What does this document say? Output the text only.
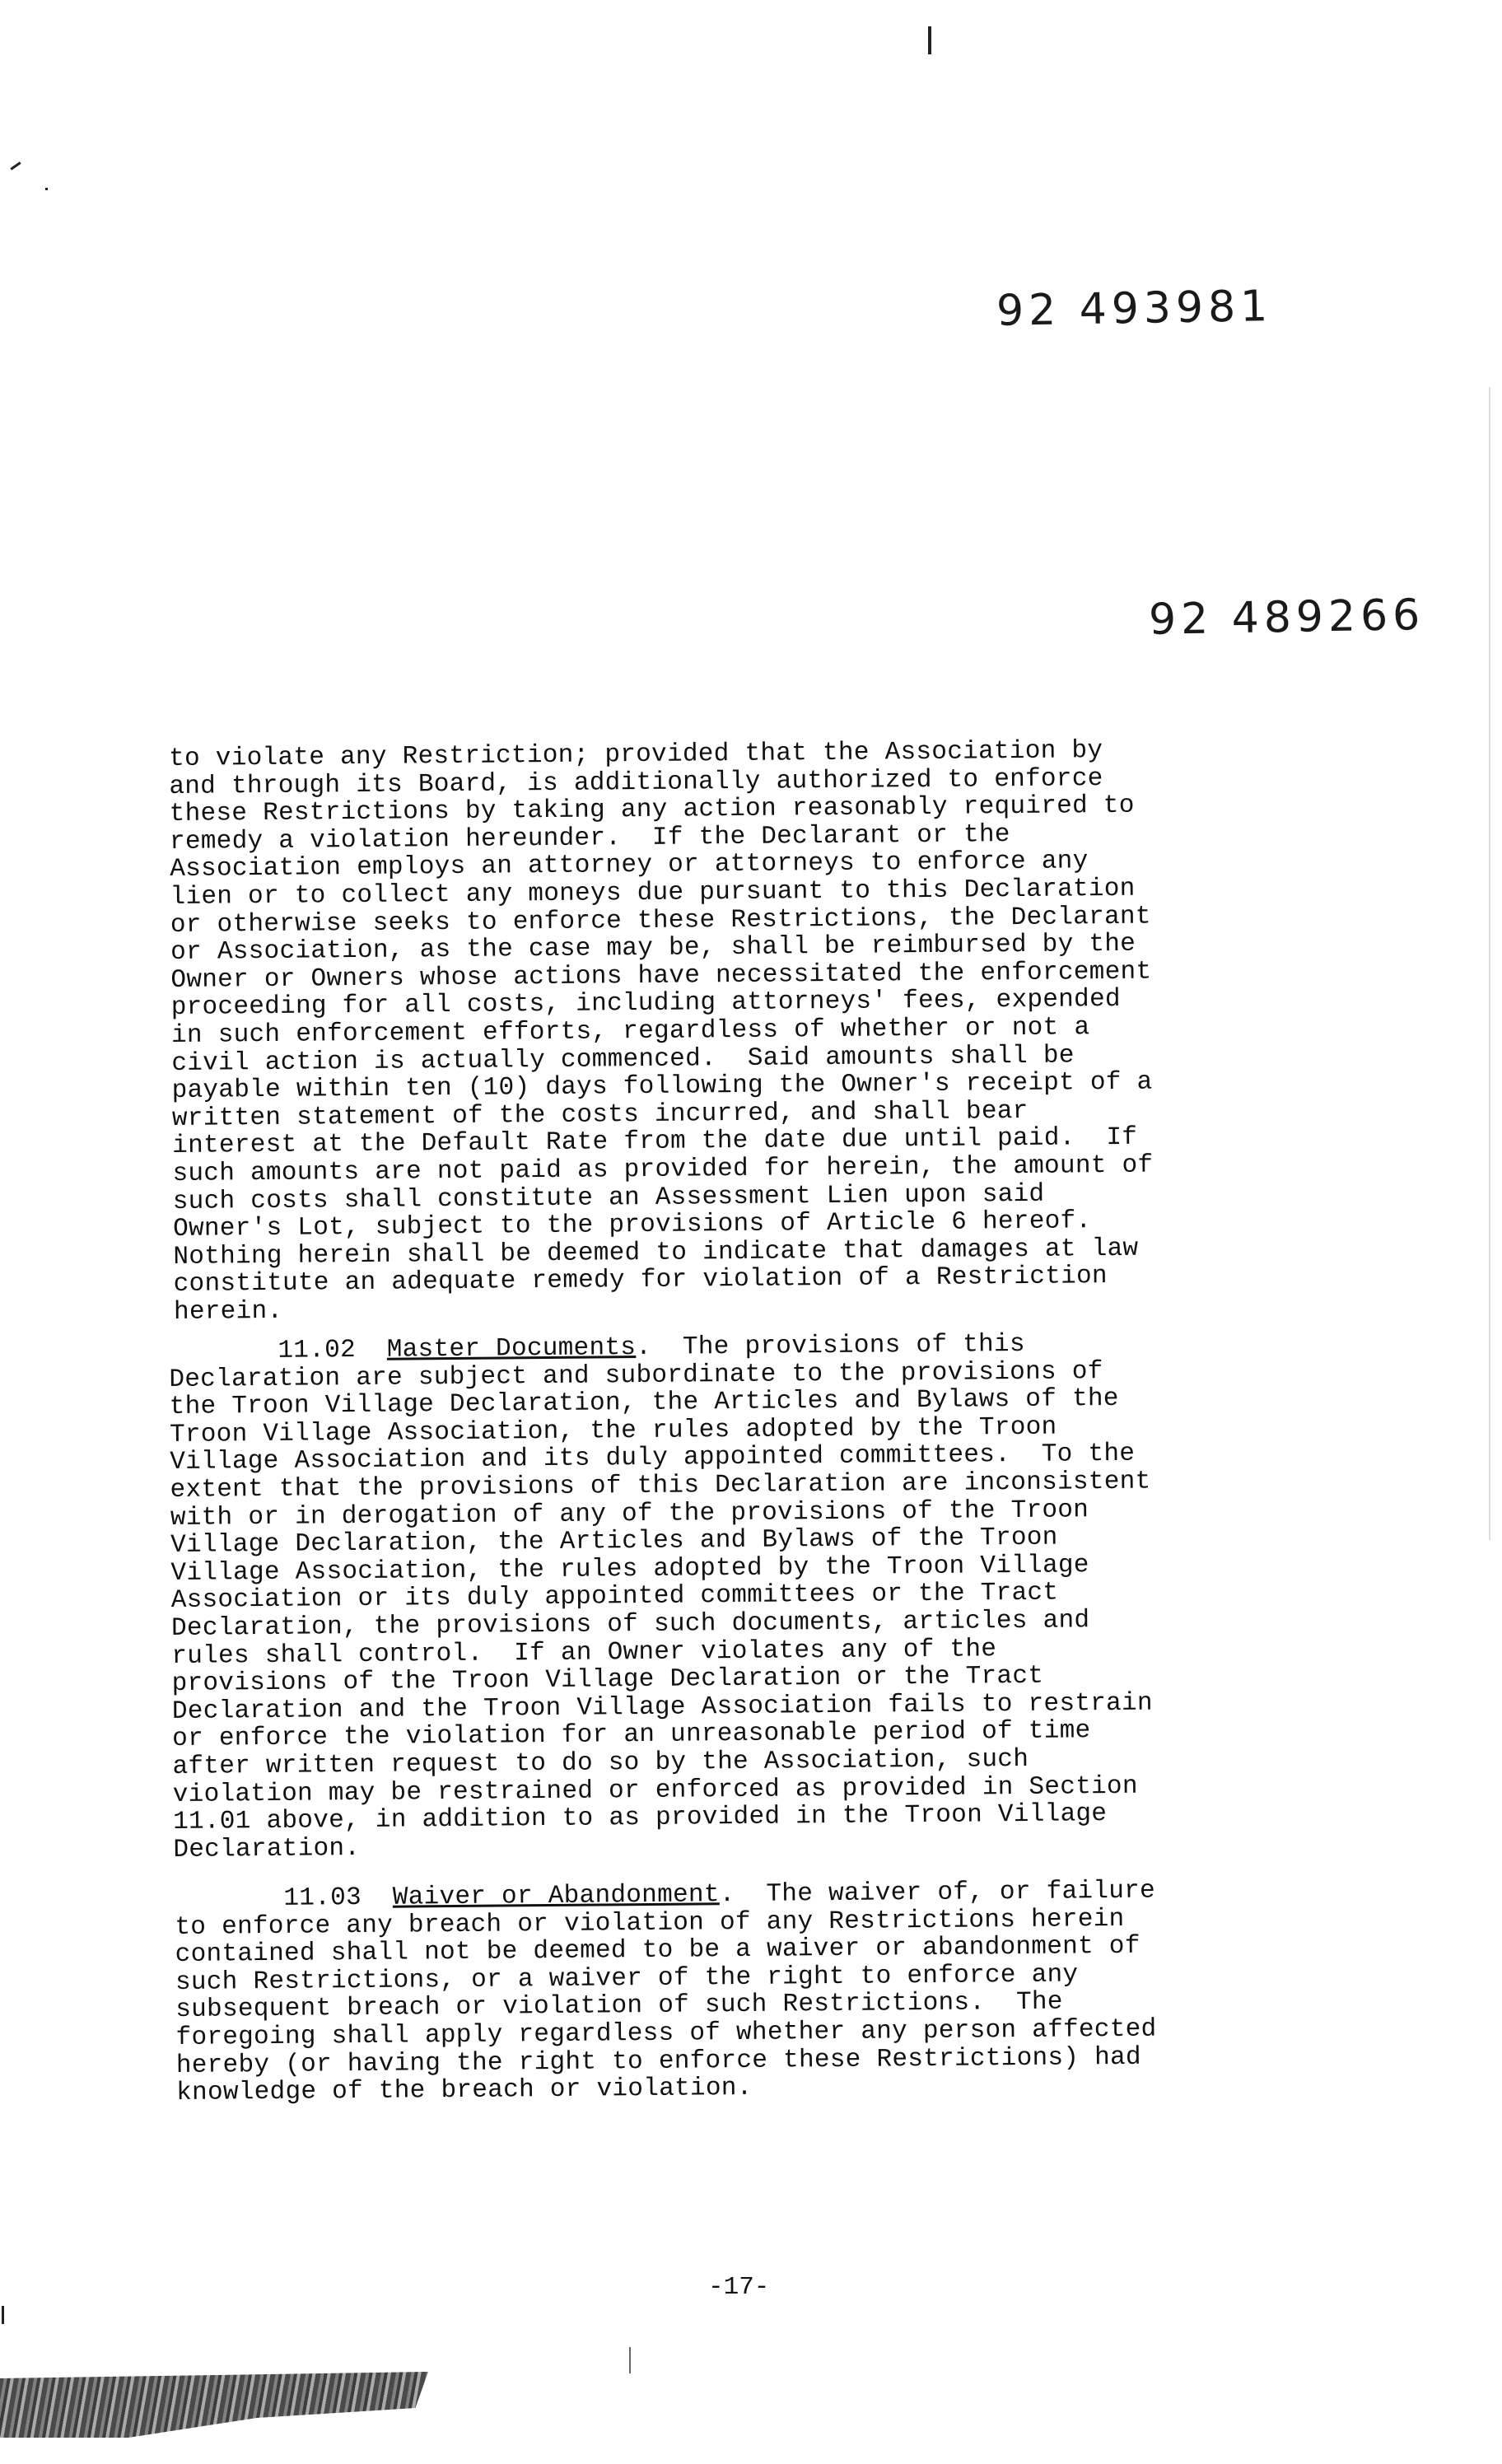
92 493981
92 489266
to violate any Restriction; provided that the Association by
and through its Board, is additionally authorized to enforce
these Restrictions by taking any action reasonably required to
remedy a violation hereunder.  If the Declarant or the
Association employs an attorney or attorneys to enforce any
lien or to collect any moneys due pursuant to this Declaration
or otherwise seeks to enforce these Restrictions, the Declarant
or Association, as the case may be, shall be reimbursed by the
Owner or Owners whose actions have necessitated the enforcement
proceeding for all costs, including attorneys' fees, expended
in such enforcement efforts, regardless of whether or not a
civil action is actually commenced.  Said amounts shall be
payable within ten (10) days following the Owner's receipt of a
written statement of the costs incurred, and shall bear
interest at the Default Rate from the date due until paid.  If
such amounts are not paid as provided for herein, the amount of
such costs shall constitute an Assessment Lien upon said
Owner's Lot, subject to the provisions of Article 6 hereof.
Nothing herein shall be deemed to indicate that damages at law
constitute an adequate remedy for violation of a Restriction
herein.
11.02 Master Documents.  The provisions of this
Declaration are subject and subordinate to the provisions of
the Troon Village Declaration, the Articles and Bylaws of the
Troon Village Association, the rules adopted by the Troon
Village Association and its duly appointed committees.  To the
extent that the provisions of this Declaration are inconsistent
with or in derogation of any of the provisions of the Troon
Village Declaration, the Articles and Bylaws of the Troon
Village Association, the rules adopted by the Troon Village
Association or its duly appointed committees or the Tract
Declaration, the provisions of such documents, articles and
rules shall control.  If an Owner violates any of the
provisions of the Troon Village Declaration or the Tract
Declaration and the Troon Village Association fails to restrain
or enforce the violation for an unreasonable period of time
after written request to do so by the Association, such
violation may be restrained or enforced as provided in Section
11.01 above, in addition to as provided in the Troon Village
Declaration.
11.03 Waiver or Abandonment.  The waiver of, or failure
to enforce any breach or violation of any Restrictions herein
contained shall not be deemed to be a waiver or abandonment of
such Restrictions, or a waiver of the right to enforce any
subsequent breach or violation of such Restrictions.  The
foregoing shall apply regardless of whether any person affected
hereby (or having the right to enforce these Restrictions) had
knowledge of the breach or violation.
-17-
